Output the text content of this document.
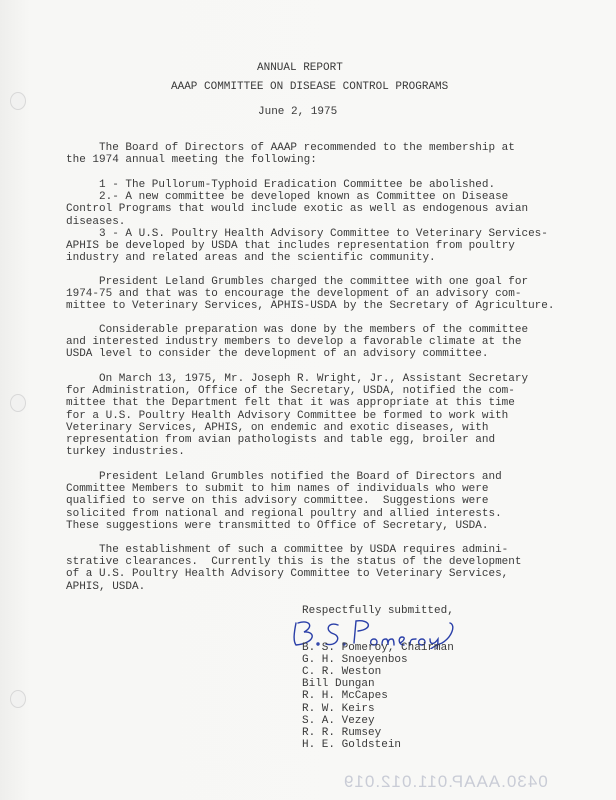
ANNUAL REPORT
AAAP COMMITTEE ON DISEASE CONTROL PROGRAMS
June 2, 1975
The Board of Directors of AAAP recommended to the membership at
the 1974 annual meeting the following:
1 - The Pullorum-Typhoid Eradication Committee be abolished.
2.- A new committee be developed known as Committee on Disease
Control Programs that would include exotic as well as endogenous avian
diseases.
3 - A U.S. Poultry Health Advisory Committee to Veterinary Services-
APHIS be developed by USDA that includes representation from poultry
industry and related areas and the scientific community.
President Leland Grumbles charged the committee with one goal for
1974-75 and that was to encourage the development of an advisory com-
mittee to Veterinary Services, APHIS-USDA by the Secretary of Agriculture.
Considerable preparation was done by the members of the committee
and interested industry members to develop a favorable climate at the
USDA level to consider the development of an advisory committee.
On March 13, 1975, Mr. Joseph R. Wright, Jr., Assistant Secretary
for Administration, Office of the Secretary, USDA, notified the com-
mittee that the Department felt that it was appropriate at this time
for a U.S. Poultry Health Advisory Committee be formed to work with
Veterinary Services, APHIS, on endemic and exotic diseases, with
representation from avian pathologists and table egg, broiler and
turkey industries.
President Leland Grumbles notified the Board of Directors and
Committee Members to submit to him names of individuals who were
qualified to serve on this advisory committee.  Suggestions were
solicited from national and regional poultry and allied interests.
These suggestions were transmitted to Office of Secretary, USDA.
The establishment of such a committee by USDA requires admini-
strative clearances.  Currently this is the status of the development
of a U.S. Poultry Health Advisory Committee to Veterinary Services,
APHIS, USDA.
Respectfully submitted,
B. S. Pomeroy, Chairman
G. H. Snoeyenbos
C. R. Weston
Bill Dungan
R. H. McCapes
R. W. Keirs
S. A. Vezey
R. R. Rumsey
H. E. Goldstein
0430.AAAP.011.012.019
